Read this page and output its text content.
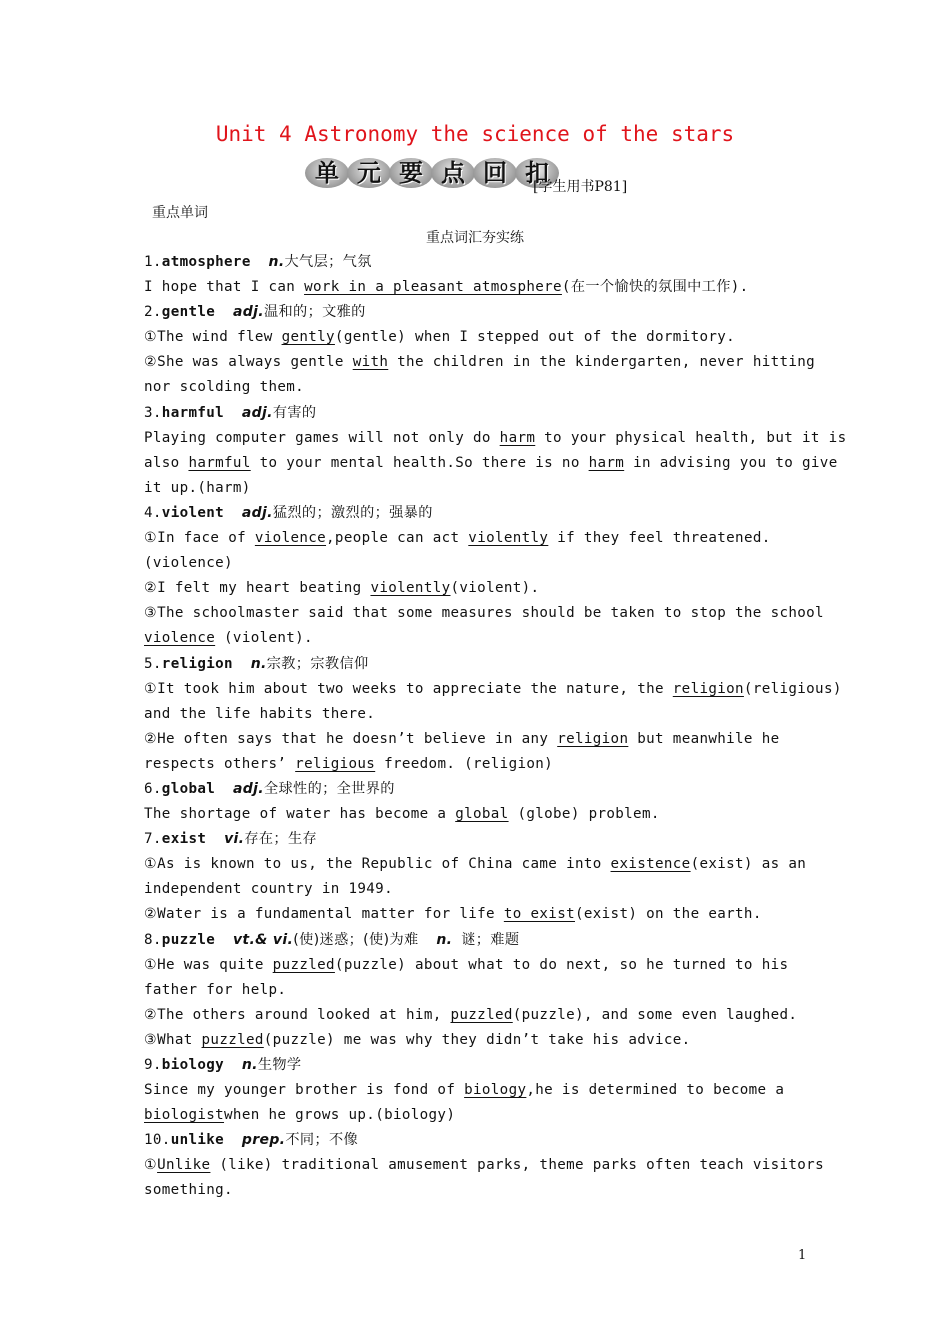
Unit 4 Astronomy the science of the stars
单 元 要 点 回 扣
[学生用书P81]
重点单词
重点词汇夯实练
1.atmosphere n.大气层；气氛
I hope that I can work in a pleasant atmosphere(在一个愉快的氛围中工作).
2.gentle adj.温和的；文雅的
①The wind flew gently(gentle) when I stepped out of the dormitory.
②She was always gentle with the children in the kindergarten, never hitting
nor scolding them.
3.harmful adj.有害的
Playing computer games will not only do harm to your physical health, but it is
also harmful to your mental health.So there is no harm in advising you to give
it up.(harm)
4.violent adj.猛烈的；激烈的；强暴的
①In face of violence,people can act violently if they feel threatened.
(violence)
②I felt my heart beating violently(violent).
③The schoolmaster said that some measures should be taken to stop the school
violence (violent).
5.religion n.宗教；宗教信仰
①It took him about two weeks to appreciate the nature, the religion(religious)
and the life habits there.
②He often says that he doesn’t believe in any religion but meanwhile he
respects others’ religious freedom. (religion)
6.global adj.全球性的；全世界的
The shortage of water has become a global (globe) problem.
7.exist vi.存在；生存
①As is known to us, the Republic of China came into existence(exist) as an
independent country in 1949.
②Water is a fundamental matter for life to exist(exist) on the earth.
8.puzzle vt.& vi.(使)迷惑；(使)为难 n. 谜；难题
①He was quite puzzled(puzzle) about what to do next, so he turned to his
father for help.
②The others around looked at him, puzzled(puzzle), and some even laughed.
③What puzzled(puzzle) me was why they didn’t take his advice.
9.biology n.生物学
Since my younger brother is fond of biology,he is determined to become a
biologistwhen he grows up.(biology)
10.unlike prep.不同；不像
①Unlike (like) traditional amusement parks, theme parks often teach visitors
something.
1
